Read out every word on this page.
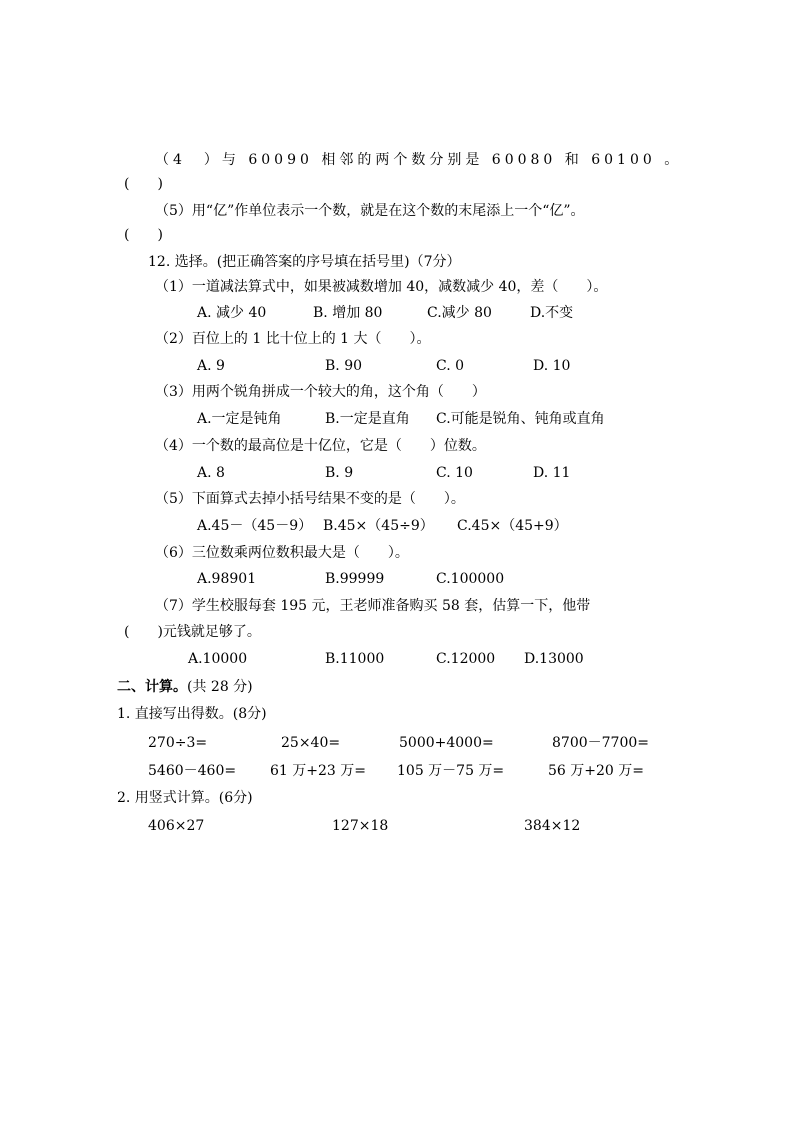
（4　）与 60090 相邻的两个数分别是 60080 和 60100 。
(　　)
（5）用“亿”作单位表示一个数，就是在这个数的末尾添上一个“亿”。
(　　)
12. 选择。(把正确答案的序号填在括号里)（7分）
（1）一道减法算式中，如果被减数增加 40，减数减少 40，差（　　）。
A. 减少 40	B. 增加 80	C.减少 80	D.不变
（2）百位上的 1 比十位上的 1 大（　　）。
A. 9	B. 90	C. 0	D. 10
（3）用两个锐角拼成一个较大的角，这个角（　　）
A.一定是钝角	B.一定是直角 C.可能是锐角、钝角或直角
（4）一个数的最高位是十亿位，它是（　　）位数。
A. 8	B. 9	C. 10	D. 11
（5）下面算式去掉小括号结果不变的是（　　）。
A.45－（45－9） B.45×（45÷9） C.45×（45+9）
（6）三位数乘两位数积最大是（　　）。
A.98901	B.99999	C.100000
（7）学生校服每套 195 元，王老师准备购买 58 套，估算一下，他带
(　　)元钱就足够了。
A.10000	B.11000	C.12000 D.13000
二、计算。(共 28 分)
1. 直接写出得数。(8分)
270÷3=	25×40=	5000+4000=	8700－7700=
5460－460= 61 万+23 万= 105 万－75 万=	56 万+20 万=
2. 用竖式计算。(6分)
406×27	127×18	384×12
